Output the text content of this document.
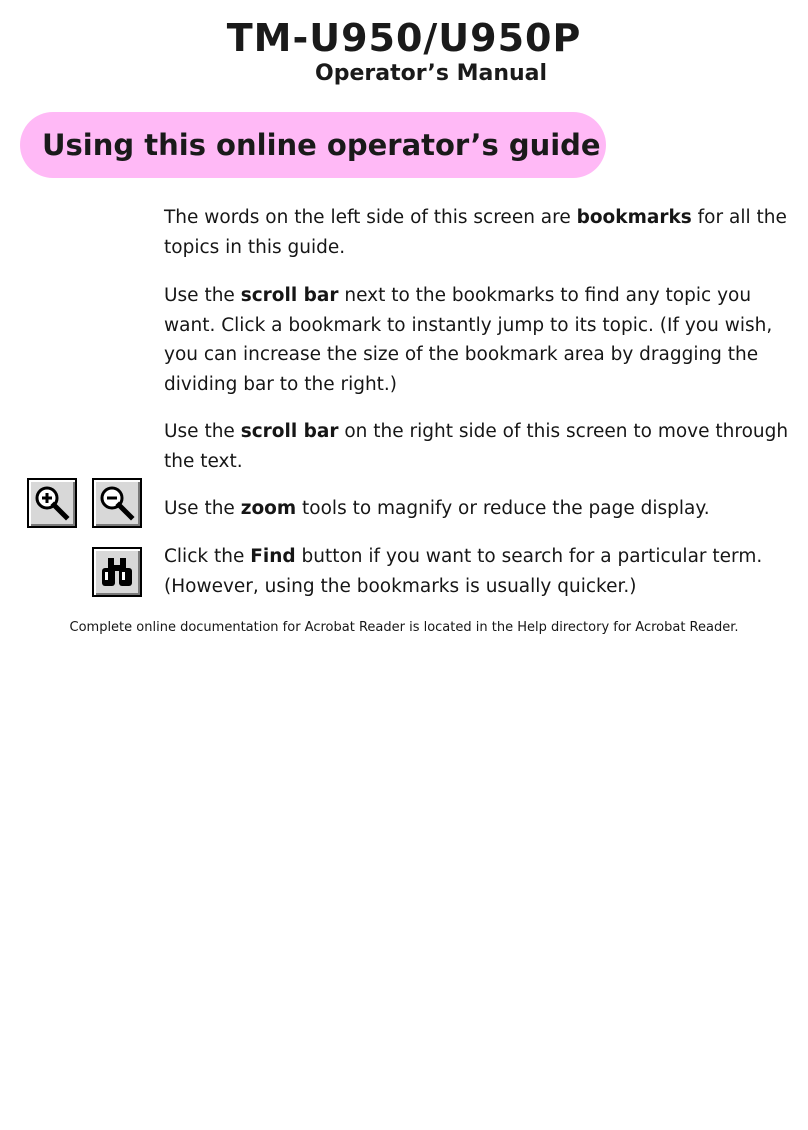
TM-U950/U950P
Operator’s Manual
Using this online operator’s guide

The words on the left side of this screen are bookmarks for all the topics in this guide.

Use the scroll bar next to the bookmarks to find any topic you want. Click a bookmark to instantly jump to its topic. (If you wish, you can increase the size of the bookmark area by dragging the dividing bar to the right.)

Use the scroll bar on the right side of this screen to move through the text.

Use the zoom tools to magnify or reduce the page display.

Click the Find button if you want to search for a particular term. (However, using the bookmarks is usually quicker.)

Complete online documentation for Acrobat Reader is located in the Help directory for Acrobat Reader.
